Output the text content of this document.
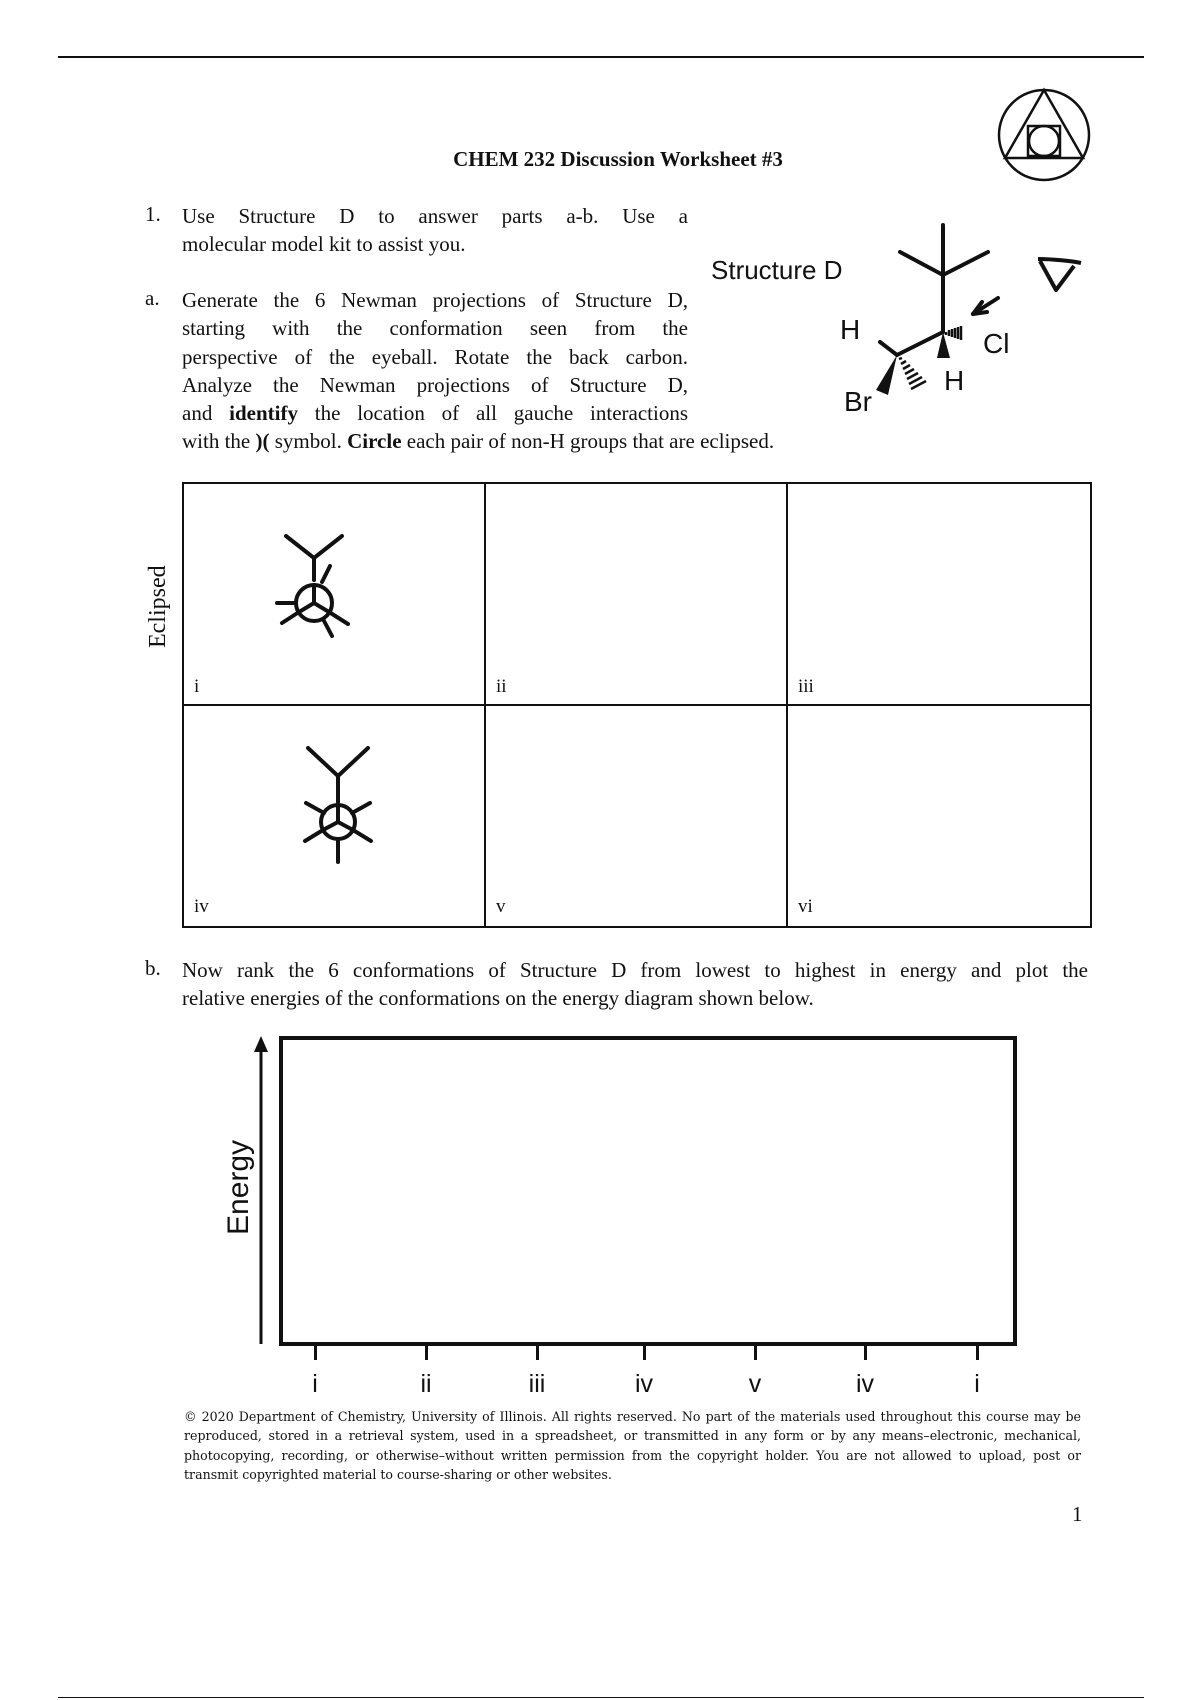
CHEM 232 Discussion Worksheet #3
1. Use Structure D to answer parts a-b. Use a
molecular model kit to assist you.
a. Generate the 6 Newman projections of Structure D,
starting with the conformation seen from the
perspective of the eyeball. Rotate the back carbon.
Analyze the Newman projections of Structure D,
and identify the location of all gauche interactions
with the )( symbol. Circle each pair of non-H groups that are eclipsed.
Structure D
H	Cl
H
Br
Eclipsed
i	ii	iii
iv	v	vi
b. Now rank the 6 conformations of Structure D from lowest to highest in energy and plot the
relative energies of the conformations on the energy diagram shown below.
Energy
i	ii	iii	iv	v	iv	i
© 2020 Department of Chemistry, University of Illinois. All rights reserved. No part of the materials used throughout this course may be reproduced, stored in a retrieval system, used in a spreadsheet, or transmitted in any form or by any means–electronic, mechanical, photocopying, recording, or otherwise–without written permission from the copyright holder. You are not allowed to upload, post or transmit copyrighted material to course-sharing or other websites.
1
